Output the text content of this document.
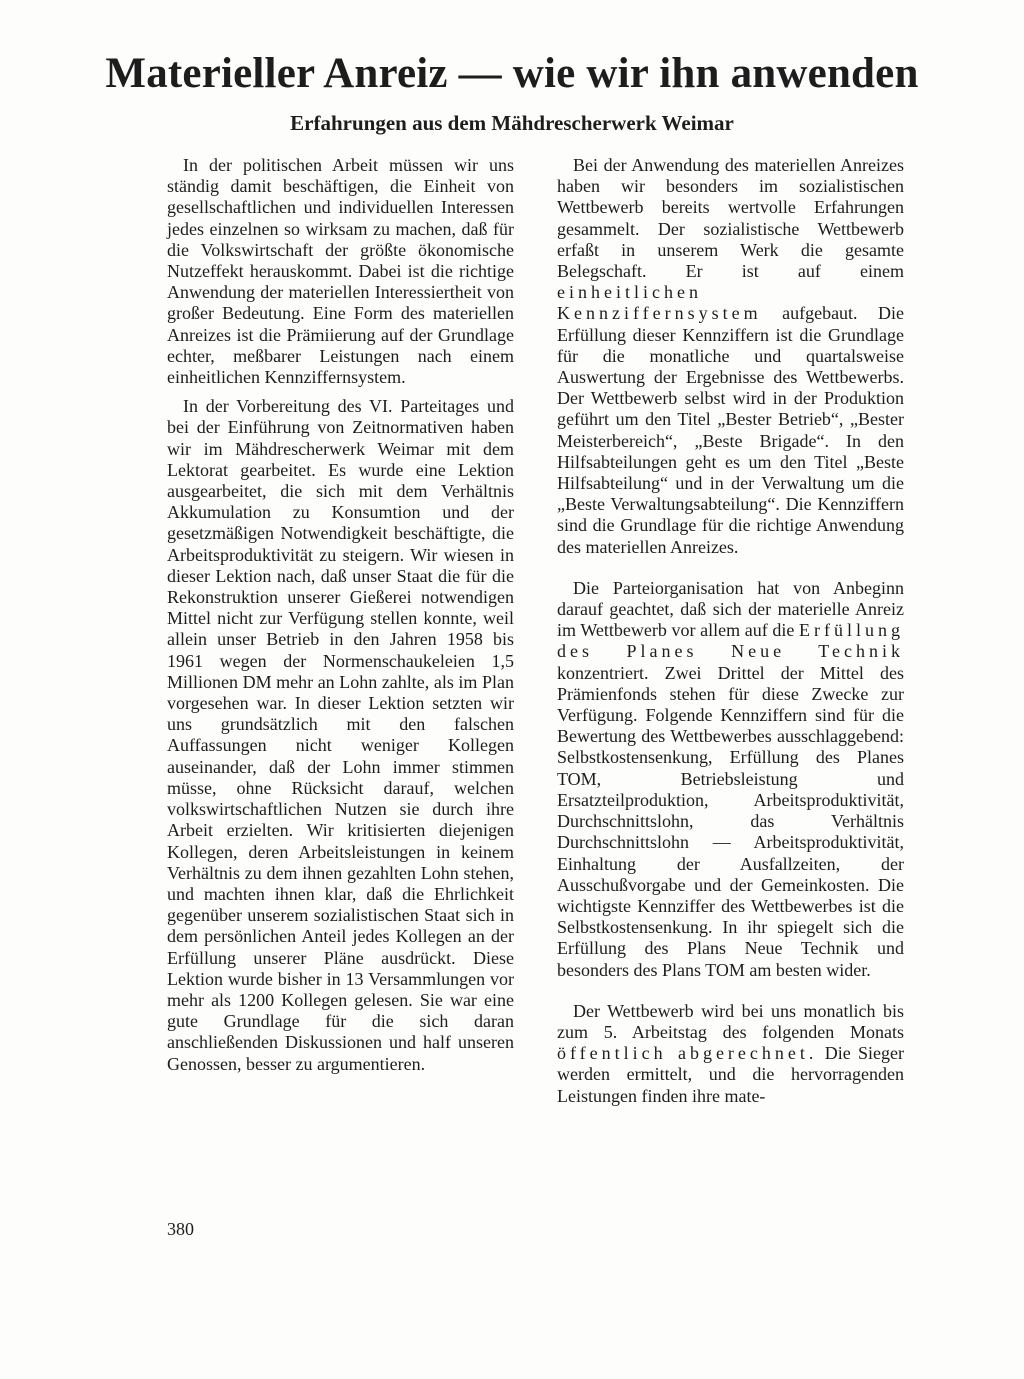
Materieller Anreiz — wie wir ihn anwenden
Erfahrungen aus dem Mähdrescherwerk Weimar

In der politischen Arbeit müssen wir uns ständig damit beschäftigen, die Einheit von gesellschaftlichen und individuellen Interessen jedes einzelnen so wirksam zu machen, daß für die Volkswirtschaft der größte ökonomische Nutzeffekt herauskommt. Dabei ist die richtige Anwendung der materiellen Interessiertheit von großer Bedeutung. Eine Form des materiellen Anreizes ist die Prämiierung auf der Grundlage echter, meßbarer Leistungen nach einem einheitlichen Kennziffernsystem.

In der Vorbereitung des VI. Parteitages und bei der Einführung von Zeitnormativen haben wir im Mähdrescherwerk Weimar mit dem Lektorat gearbeitet. Es wurde eine Lektion ausgearbeitet, die sich mit dem Verhältnis Akkumulation zu Konsumtion und der gesetzmäßigen Notwendigkeit beschäftigte, die Arbeitsproduktivität zu steigern. Wir wiesen in dieser Lektion nach, daß unser Staat die für die Rekonstruktion unserer Gießerei notwendigen Mittel nicht zur Verfügung stellen konnte, weil allein unser Betrieb in den Jahren 1958 bis 1961 wegen der Normenschaukeleien 1,5 Millionen DM mehr an Lohn zahlte, als im Plan vorgesehen war. In dieser Lektion setzten wir uns grundsätzlich mit den falschen Auffassungen nicht weniger Kollegen auseinander, daß der Lohn immer stimmen müsse, ohne Rücksicht darauf, welchen volkswirtschaftlichen Nutzen sie durch ihre Arbeit erzielten. Wir kritisierten diejenigen Kollegen, deren Arbeitsleistungen in keinem Verhältnis zu dem ihnen gezahlten Lohn stehen, und machten ihnen klar, daß die Ehrlichkeit gegenüber unserem sozialistischen Staat sich in dem persönlichen Anteil jedes Kollegen an der Erfüllung unserer Pläne ausdrückt. Diese Lektion wurde bisher in 13 Versammlungen vor mehr als 1200 Kollegen gelesen. Sie war eine gute Grundlage für die sich daran anschließenden Diskussionen und half unseren Genossen, besser zu argumentieren.

Bei der Anwendung des materiellen Anreizes haben wir besonders im sozialistischen Wettbewerb bereits wertvolle Erfahrungen gesammelt. Der sozialistische Wettbewerb erfaßt in unserem Werk die gesamte Belegschaft. Er ist auf einem einheitlichen Kennziffernsystem aufgebaut. Die Erfüllung dieser Kennziffern ist die Grundlage für die monatliche und quartalsweise Auswertung der Ergebnisse des Wettbewerbs. Der Wettbewerb selbst wird in der Produktion geführt um den Titel „Bester Betrieb“, „Bester Meisterbereich“, „Beste Brigade“. In den Hilfsabteilungen geht es um den Titel „Beste Hilfsabteilung“ und in der Verwaltung um die „Beste Verwaltungsabteilung“. Die Kennziffern sind die Grundlage für die richtige Anwendung des materiellen Anreizes.

Die Parteiorganisation hat von Anbeginn darauf geachtet, daß sich der materielle Anreiz im Wettbewerb vor allem auf die Erfüllung des Planes Neue Technik konzentriert. Zwei Drittel der Mittel des Prämienfonds stehen für diese Zwecke zur Verfügung. Folgende Kennziffern sind für die Bewertung des Wettbewerbes ausschlaggebend: Selbstkostensenkung, Erfüllung des Planes TOM, Betriebsleistung und Ersatzteilproduktion, Arbeitsproduktivität, Durchschnittslohn, das Verhältnis Durchschnittslohn — Arbeitsproduktivität, Einhaltung der Ausfallzeiten, der Ausschußvorgabe und der Gemeinkosten. Die wichtigste Kennziffer des Wettbewerbes ist die Selbstkostensenkung. In ihr spiegelt sich die Erfüllung des Plans Neue Technik und besonders des Plans TOM am besten wider.

Der Wettbewerb wird bei uns monatlich bis zum 5. Arbeitstag des folgenden Monats öffentlich abgerechnet. Die Sieger werden ermittelt, und die hervorragenden Leistungen finden ihre mate-

380
